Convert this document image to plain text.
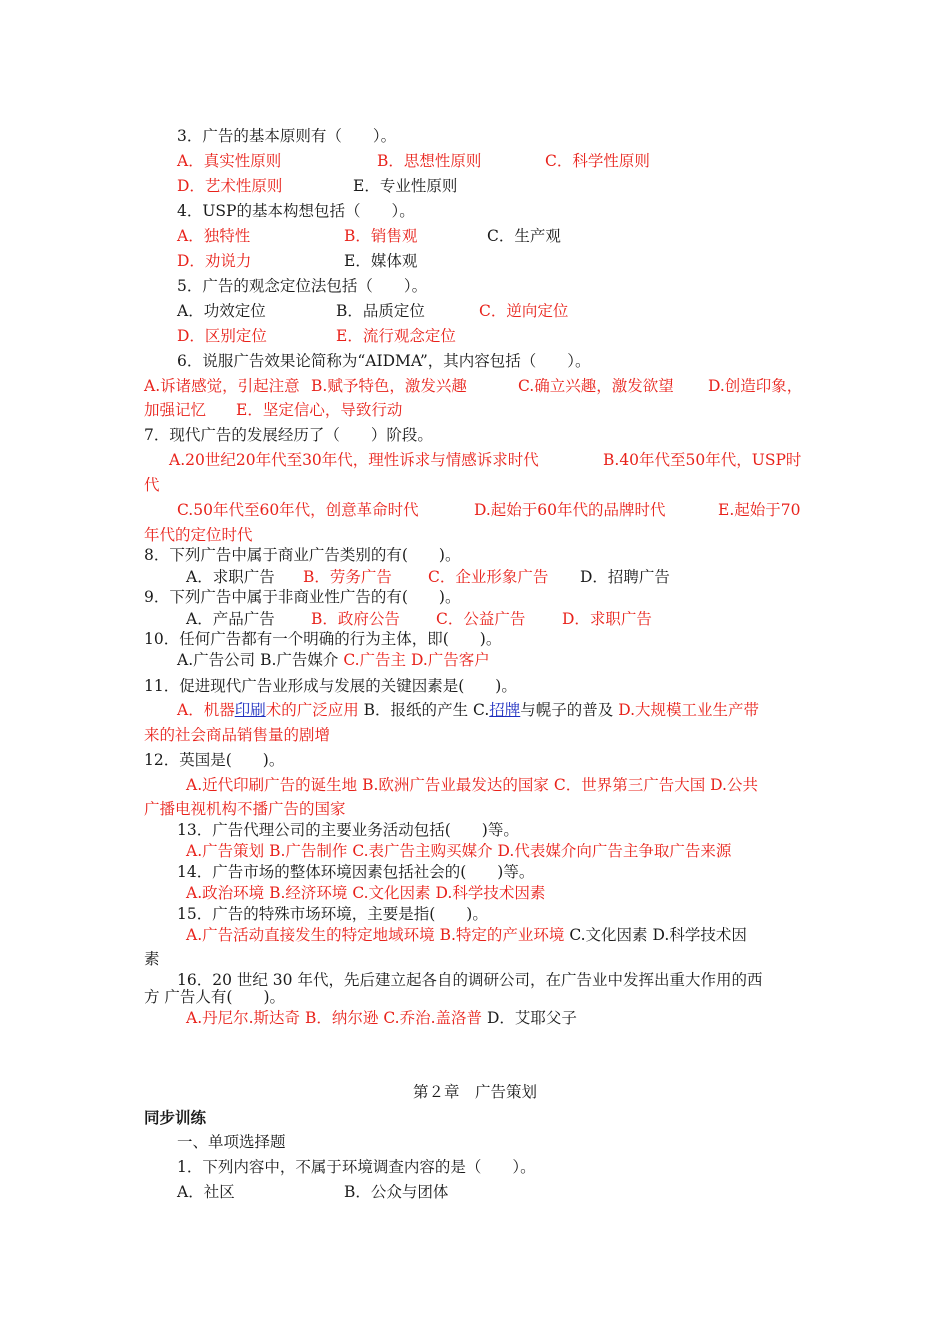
3．广告的基本原则有（　　）。
A．真实性原则	B．思想性原则	C．科学性原则
D．艺术性原则	E．专业性原则
4．USP的基本构想包括（　　）。
A．独特性	B．销售观	C．生产观
D．劝说力	E．媒体观
5．广告的观念定位法包括（　　）。
A．功效定位	B．品质定位	C．逆向定位
D．区别定位	E．流行观念定位
6．说服广告效果论简称为“AIDMA”，其内容包括（　　）。
A.诉诸感觉，引起注意 B.赋予特色，激发兴趣	C.确立兴趣，激发欲望 D.创造印象，
加强记忆 E．坚定信心，导致行动
7．现代广告的发展经历了（　　）阶段。
A.20世纪20年代至30年代，理性诉求与情感诉求时代	B.40年代至50年代，USP时
代
C.50年代至60年代，创意革命时代	D.起始于60年代的品牌时代	E.起始于70
年代的定位时代
8．下列广告中属于商业广告类别的有(　　)。
A．求职广告 B．劳务广告 C．企业形象广告 D．招聘广告
9．下列广告中属于非商业性广告的有(　　)。
A．产品广告 B．政府公告 C．公益广告 D．求职广告
10．任何广告都有一个明确的行为主体，即(　　)。
A.广告公司 B.广告媒介 C.广告主 D.广告客户
11．促进现代广告业形成与发展的关键因素是(　　)。
A．机器印刷术的广泛应用 B．报纸的产生 C.招牌与幌子的普及 D.大规模工业生产带
来的社会商品销售量的剧增
12．英国是(　　)。
A.近代印刷广告的诞生地 B.欧洲广告业最发达的国家 C．世界第三广告大国 D.公共
广播电视机构不播广告的国家
13．广告代理公司的主要业务活动包括(　　)等。
A.广告策划 B.广告制作 C.表广告主购买媒介 D.代表媒介向广告主争取广告来源
14．广告市场的整体环境因素包括社会的(　　)等。
A.政治环境 B.经济环境 C.文化因素 D.科学技术因素
15．广告的特殊市场环境，主要是指(　　)。
A.广告活动直接发生的特定地域环境 B.特定的产业环境 C.文化因素 D.科学技术因
素
16．20 世纪 30 年代，先后建立起各自的调研公司，在广告业中发挥出重大作用的西
方 广告人有(　　)。
A.丹尼尔.斯达奇 B．纳尔逊 C.乔治.盖洛普 D．艾耶父子
第２章　广告策划
同步训练
一、单项选择题
1．下列内容中，不属于环境调查内容的是（　　）。
A．社区	B．公众与团体
